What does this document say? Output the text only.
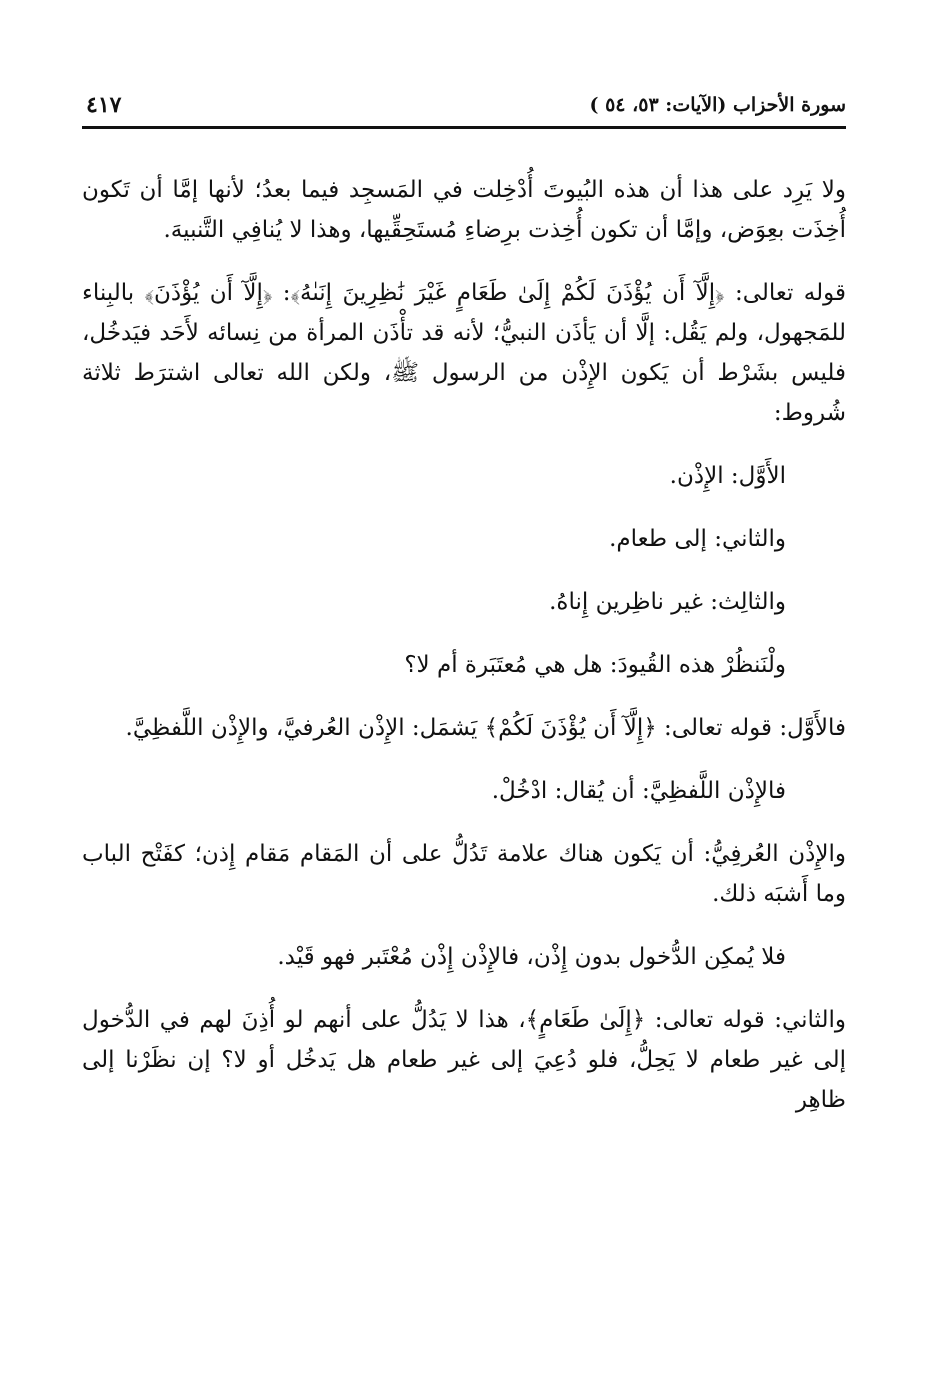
سورة الأحزاب (الآيات: ٥٣، ٥٤ )
٤١٧

ولا يَرِد على هذا أن هذه البُيوتَ أُدْخِلت في المَسجِد فيما بعدُ؛ لأنها إمَّا أن تَكون أُخِذَت بعِوَض، وإمَّا أن تكون أُخِذت برِضاءِ مُستَحِقِّيها، وهذا لا يُنافِي التَّنبيهَ.

قوله تعالى: ﴿إِلَّآ أَن يُؤْذَنَ لَكُمْ إِلَىٰ طَعَامٍ غَيْرَ نَٰظِرِينَ إِنَىٰهُ﴾: ﴿إِلَّآ أَن يُؤْذَنَ﴾ بالبِناء للمَجهول، ولم يَقُل: إلَّا أن يَأذَن النبيُّ؛ لأنه قد تأْذَن المرأة من نِسائه لأَحَد فيَدخُل، فليس بشَرْط أن يَكون الإِذْن من الرسول ﷺ، ولكن الله تعالى اشترَط ثلاثة شُروط:

الأَوَّل: الإِذْن.

والثاني: إلى طعام.

والثالِث: غير ناظِرين إِناهُ.

ولْنَنظُرْ هذه القُيودَ: هل هي مُعتَبَرة أم لا؟

فالأَوَّل: قوله تعالى: ﴿إِلَّآ أَن يُؤْذَنَ لَكُمْ﴾ يَشمَل: الإِذْن العُرفيَّ، والإِذْن اللَّفظِيَّ.

فالإِذْن اللَّفظِيَّ: أن يُقال: ادْخُلْ.

والإِذْن العُرفِيُّ: أن يَكون هناك علامة تَدُلُّ على أن المَقام مَقام إِذن؛ كفَتْح الباب وما أَشبَه ذلك.

فلا يُمكِن الدُّخول بدون إِذْن، فالإِذْن إِذْن مُعْتَبر فهو قَيْد.

والثاني: قوله تعالى: ﴿إِلَىٰ طَعَامٍ﴾، هذا لا يَدُلُّ على أنهم لو أُذِنَ لهم في الدُّخول إلى غير طعام لا يَحِلُّ، فلو دُعِيَ إلى غير طعام هل يَدخُل أو لا؟ إن نظَرْنا إلى ظاهِر
